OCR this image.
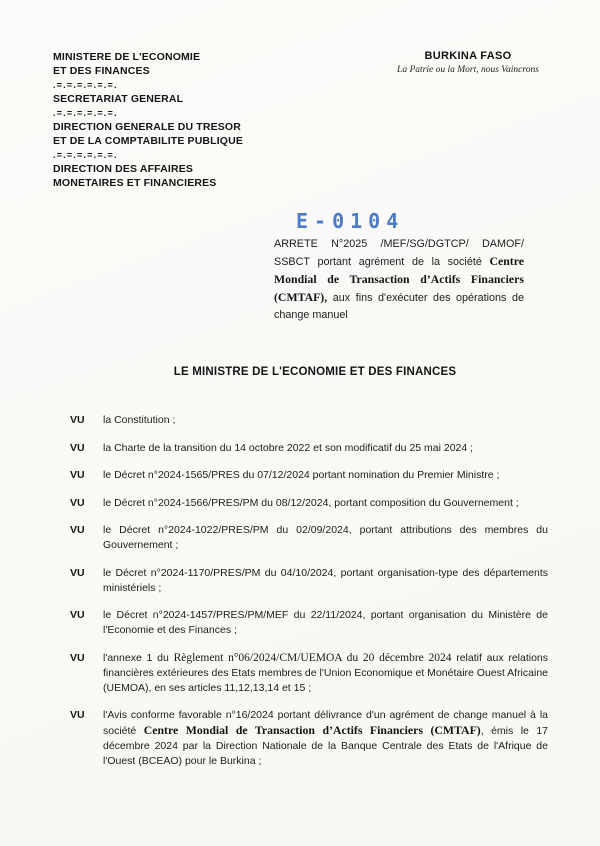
MINISTERE DE L'ECONOMIE
ET DES FINANCES
.=.=.=.=.=.=.
SECRETARIAT GENERAL
.=.=.=.=.=.=.
DIRECTION GENERALE DU TRESOR
ET DE LA COMPTABILITE PUBLIQUE
.=.=.=.=.=.=.
DIRECTION DES AFFAIRES
MONETAIRES ET FINANCIERES
BURKINA FASO
La Patrie ou la Mort, nous Vaincrons
E-0104
ARRETE N°2025 /MEF/SG/DGTCP/ DAMOF/
SSBCT portant agrément de la société Centre
Mondial de Transaction d’Actifs Financiers
(CMTAF), aux fins d'exécuter des opérations de
change manuel
LE MINISTRE DE L'ECONOMIE ET DES FINANCES
VU	la Constitution ;

VU	la Charte de la transition du 14 octobre 2022 et son modificatif du 25 mai 2024 ;

VU	le Décret n°2024-1565/PRES du 07/12/2024 portant nomination du Premier Ministre ;

VU	le Décret n°2024-1566/PRES/PM du 08/12/2024, portant composition du Gouvernement ;

VU	le Décret n°2024-1022/PRES/PM du 02/09/2024, portant attributions des membres du Gouvernement ;

VU	le Décret n°2024-1170/PRES/PM du 04/10/2024, portant organisation-type des départements ministériels ;

VU	le Décret n°2024-1457/PRES/PM/MEF du 22/11/2024, portant organisation du Ministère de l'Economie et des Finances ;

VU	l'annexe 1 du Règlement n°06/2024/CM/UEMOA du 20 décembre 2024 relatif aux relations financières extérieures des Etats membres de l'Union Economique et Monétaire Ouest Africaine (UEMOA), en ses articles 11,12,13,14 et 15 ;

VU	l'Avis conforme favorable n°16/2024 portant délivrance d'un agrément de change manuel à la société Centre Mondial de Transaction d’Actifs Financiers (CMTAF), émis le 17 décembre 2024 par la Direction Nationale de la Banque Centrale des Etats de l'Afrique de l'Ouest (BCEAO) pour le Burkina ;
